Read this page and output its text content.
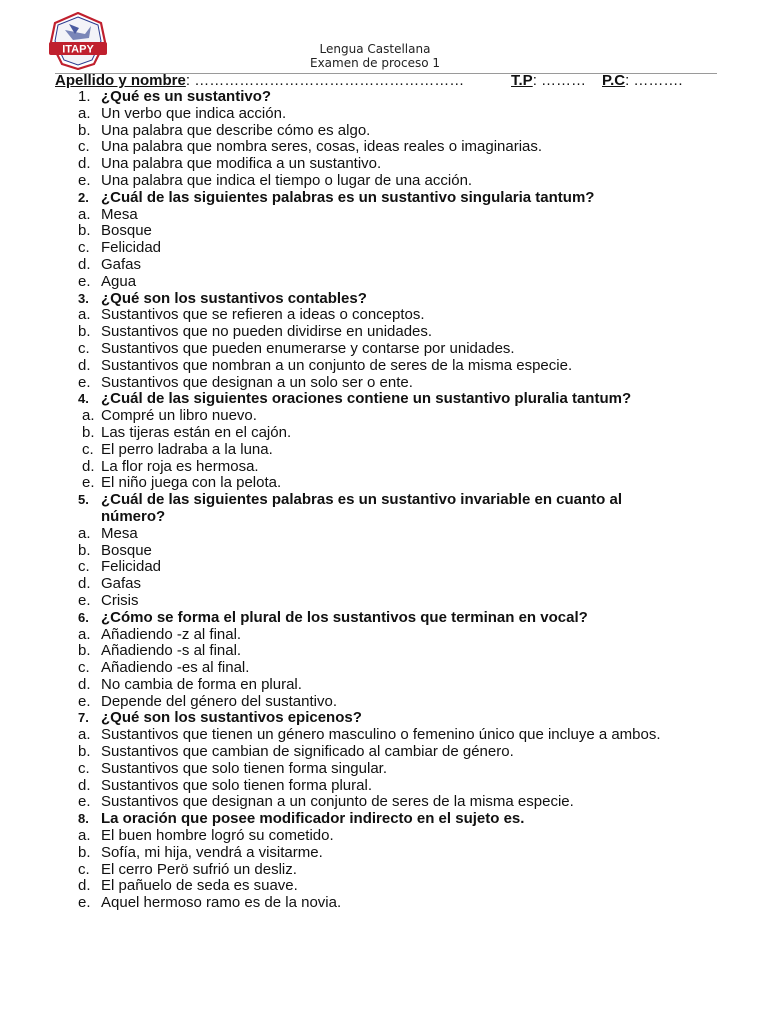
ITAPY	Lengua Castellana
Examen de proceso 1
Apellido y nombre: ………………………………………………	T.P: ……… P.C: ……….
1. ¿Qué es un sustantivo?
a. Un verbo que indica acción.
b. Una palabra que describe cómo es algo.
c. Una palabra que nombra seres, cosas, ideas reales o imaginarias.
d. Una palabra que modifica a un sustantivo.
e. Una palabra que indica el tiempo o lugar de una acción.
2. ¿Cuál de las siguientes palabras es un sustantivo singularia tantum?
a. Mesa
b. Bosque
c. Felicidad
d. Gafas
e. Agua
3. ¿Qué son los sustantivos contables?
a. Sustantivos que se refieren a ideas o conceptos.
b. Sustantivos que no pueden dividirse en unidades.
c. Sustantivos que pueden enumerarse y contarse por unidades.
d. Sustantivos que nombran a un conjunto de seres de la misma especie.
e. Sustantivos que designan a un solo ser o ente.
4. ¿Cuál de las siguientes oraciones contiene un sustantivo pluralia tantum?
a. Compré un libro nuevo.
b. Las tijeras están en el cajón.
c. El perro ladraba a la luna.
d. La flor roja es hermosa.
e. El niño juega con la pelota.
5. ¿Cuál de las siguientes palabras es un sustantivo invariable en cuanto al número?
a. Mesa
b. Bosque
c. Felicidad
d. Gafas
e. Crisis
6. ¿Cómo se forma el plural de los sustantivos que terminan en vocal?
a. Añadiendo -z al final.
b. Añadiendo -s al final.
c. Añadiendo -es al final.
d. No cambia de forma en plural.
e. Depende del género del sustantivo.
7. ¿Qué son los sustantivos epicenos?
a. Sustantivos que tienen un género masculino o femenino único que incluye a ambos.
b. Sustantivos que cambian de significado al cambiar de género.
c. Sustantivos que solo tienen forma singular.
d. Sustantivos que solo tienen forma plural.
e. Sustantivos que designan a un conjunto de seres de la misma especie.
8. La oración que posee modificador indirecto en el sujeto es.
a. El buen hombre logró su cometido.
b. Sofía, mi hija, vendrá a visitarme.
c. El cerro Perö sufrió un desliz.
d. El pañuelo de seda es suave.
e. Aquel hermoso ramo es de la novia.
